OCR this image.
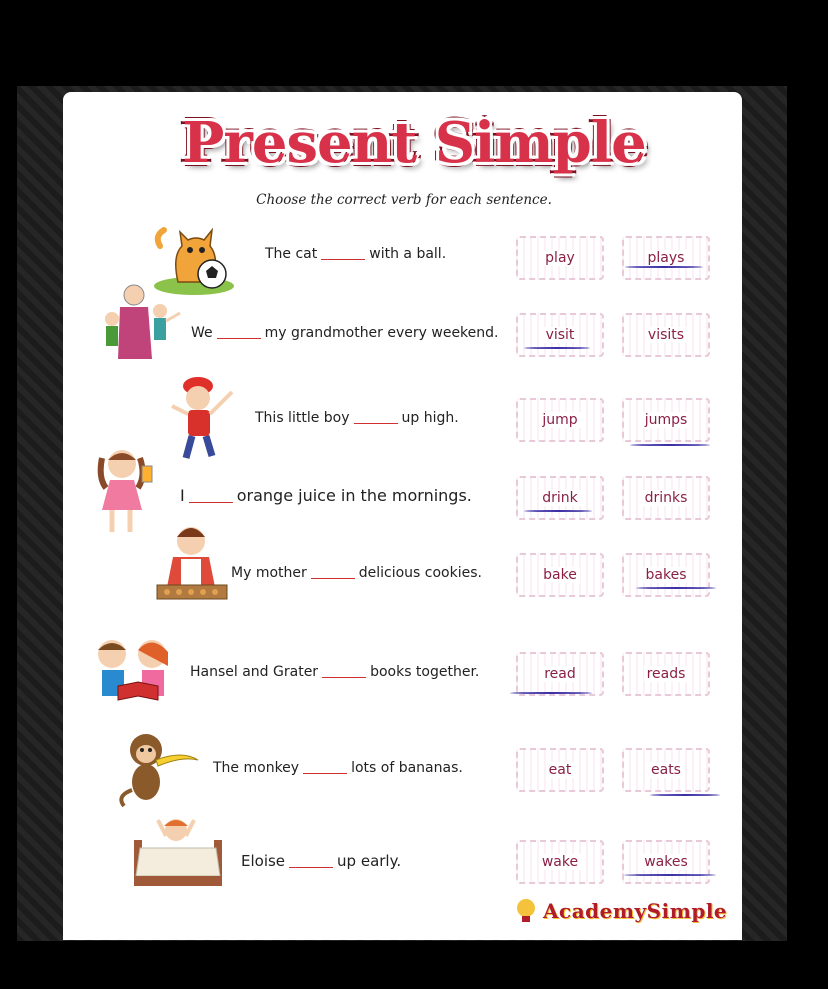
Present Simple
Choose the correct verb for each sentence.
The cat	with a ball.	play	plays
We	my grandmother every weekend.	visit	visits
This little boy	up high.	jump	jumps
I	orange juice in the mornings.	drink	drinks
My mother	delicious cookies.	bake	bakes
Hansel and Grater	books together.	read	reads
The monkey	lots of bananas.	eat	eats
Eloise	up early.	wake	wakes
AcademySimple
